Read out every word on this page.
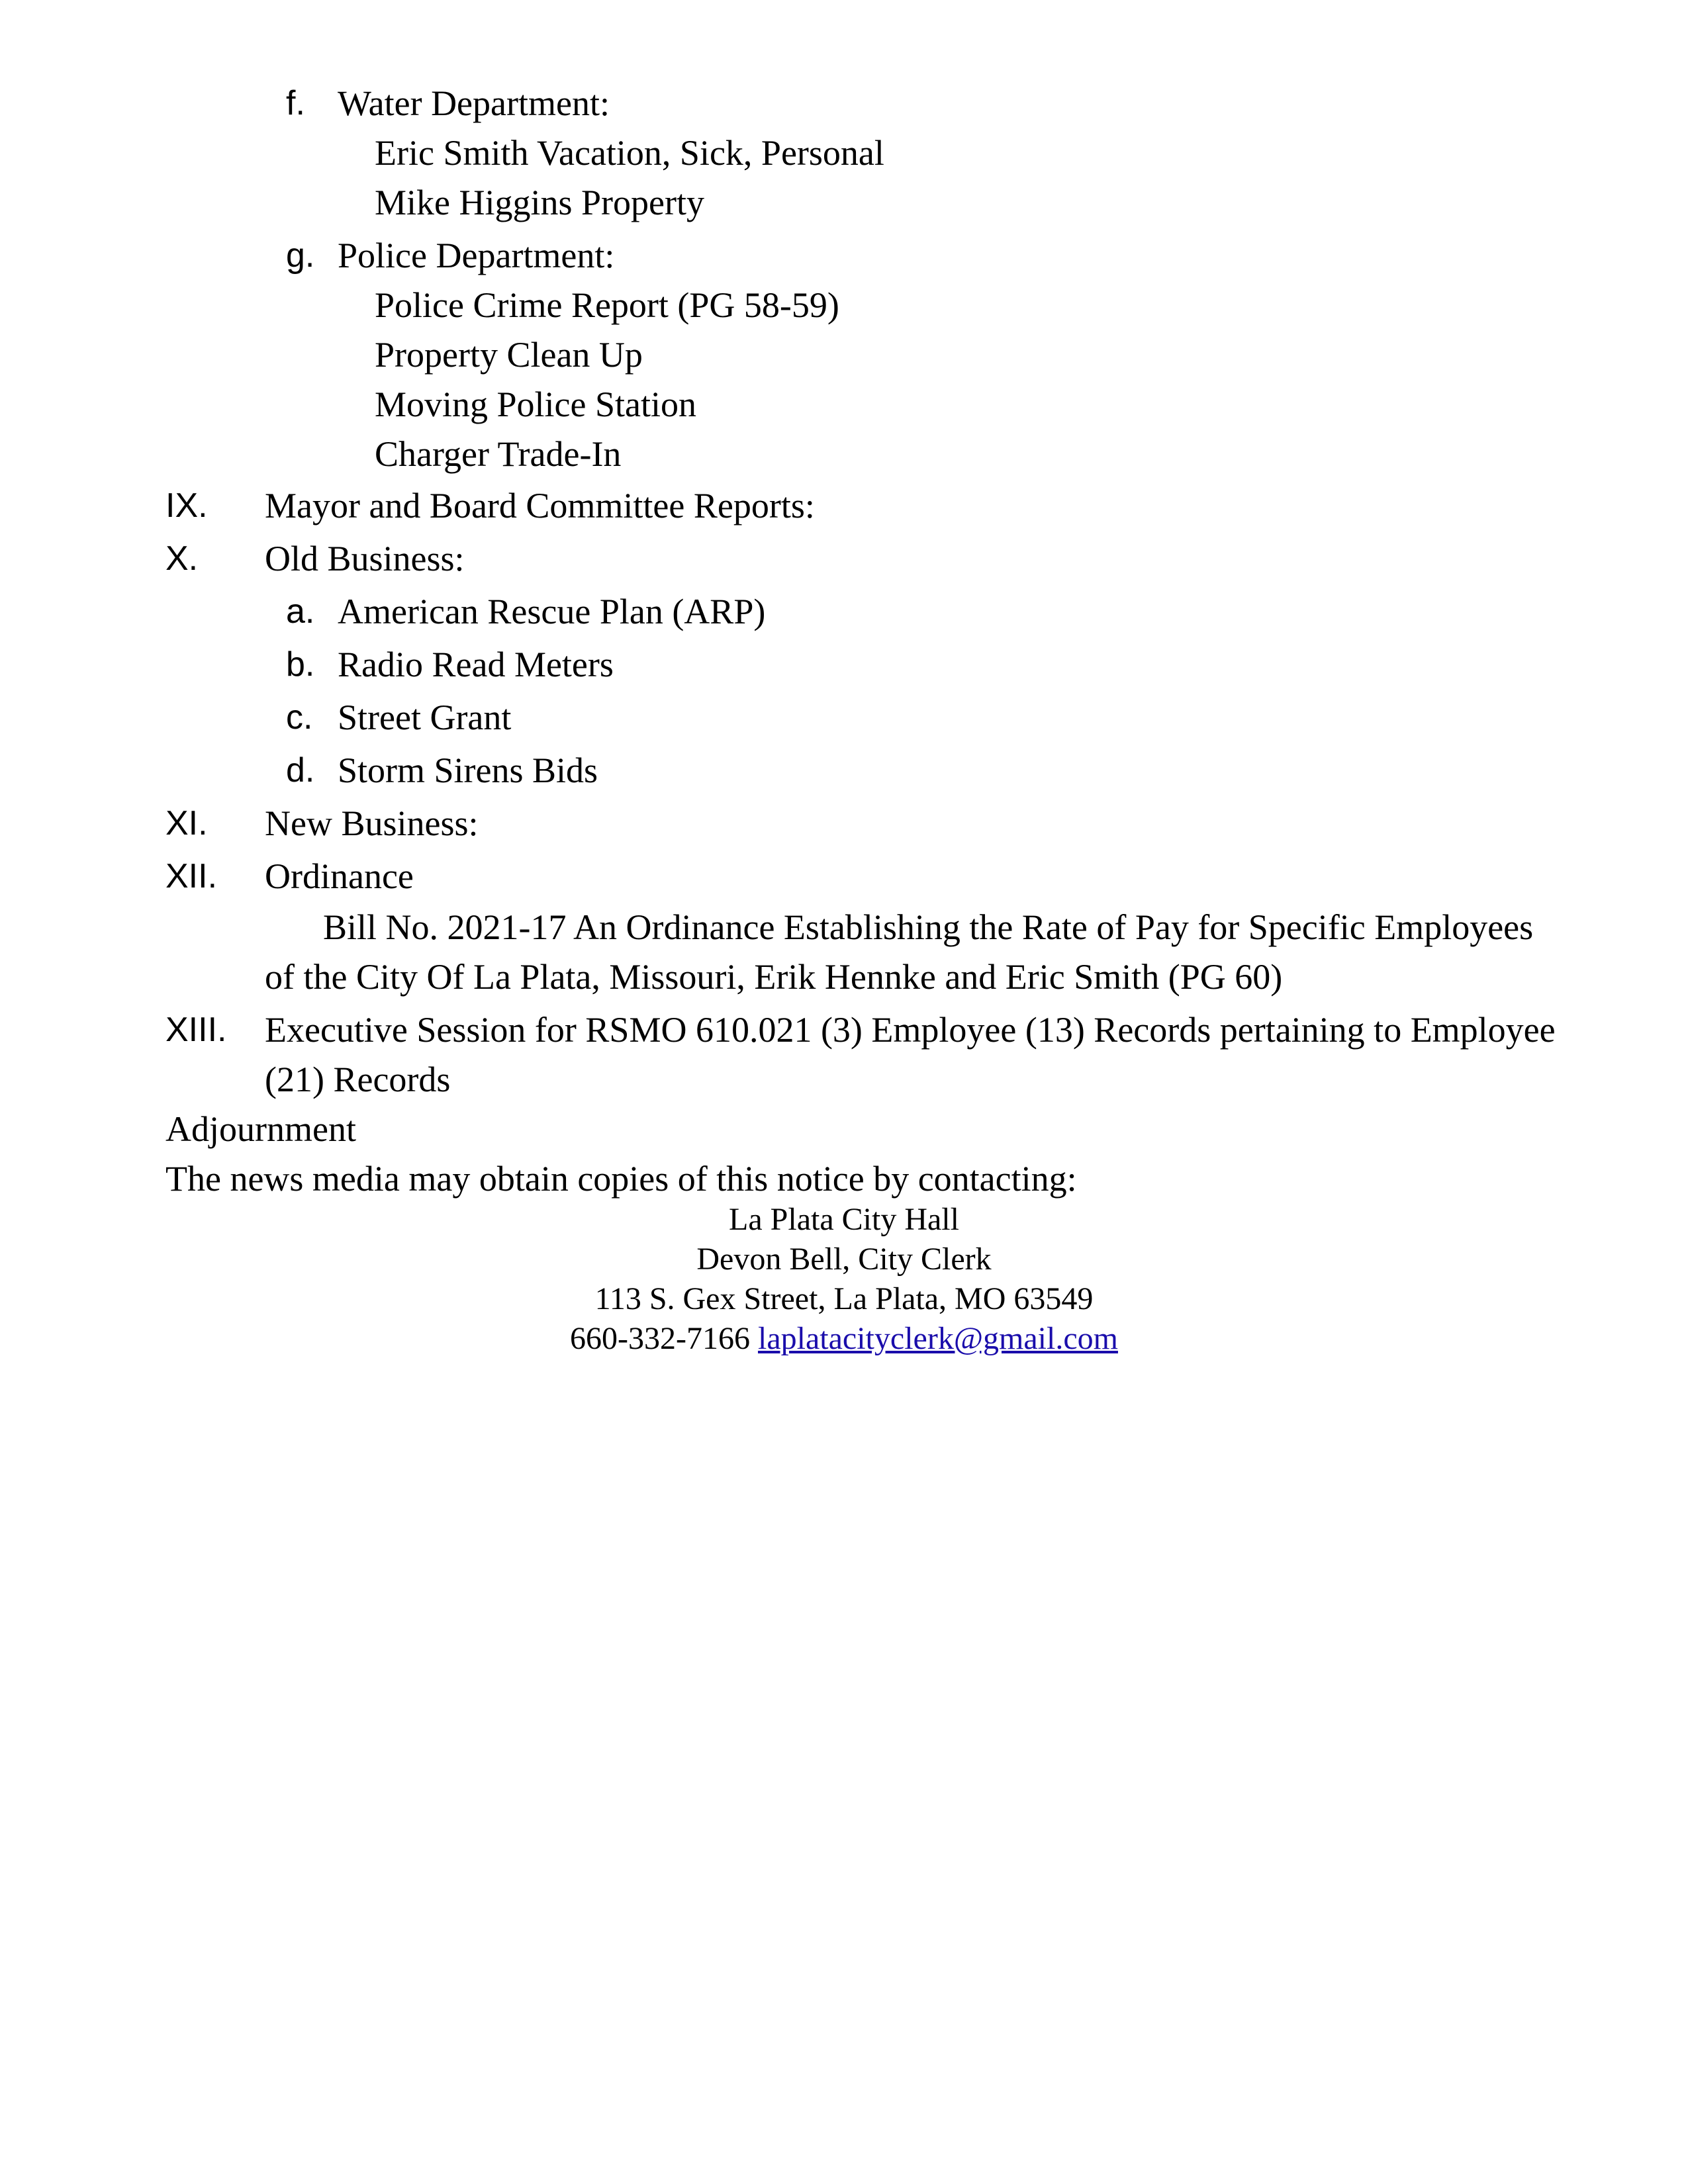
f. Water Department:
Eric Smith Vacation, Sick, Personal
Mike Higgins Property
g. Police Department:
Police Crime Report (PG 58-59)
Property Clean Up
Moving Police Station
Charger Trade-In
IX. Mayor and Board Committee Reports:
X. Old Business:
a. American Rescue Plan (ARP)
b. Radio Read Meters
c. Street Grant
d. Storm Sirens Bids
XI. New Business:
XII. Ordinance
Bill No. 2021-17 An Ordinance Establishing the Rate of Pay for Specific Employees
of the City Of La Plata, Missouri, Erik Hennke and Eric Smith (PG 60)
XIII. Executive Session for RSMO 610.021 (3) Employee (13) Records pertaining to Employee
(21) Records
Adjournment
The news media may obtain copies of this notice by contacting:
La Plata City Hall
Devon Bell, City Clerk
113 S. Gex Street, La Plata, MO 63549
660-332-7166 laplatacityclerk@gmail.com
